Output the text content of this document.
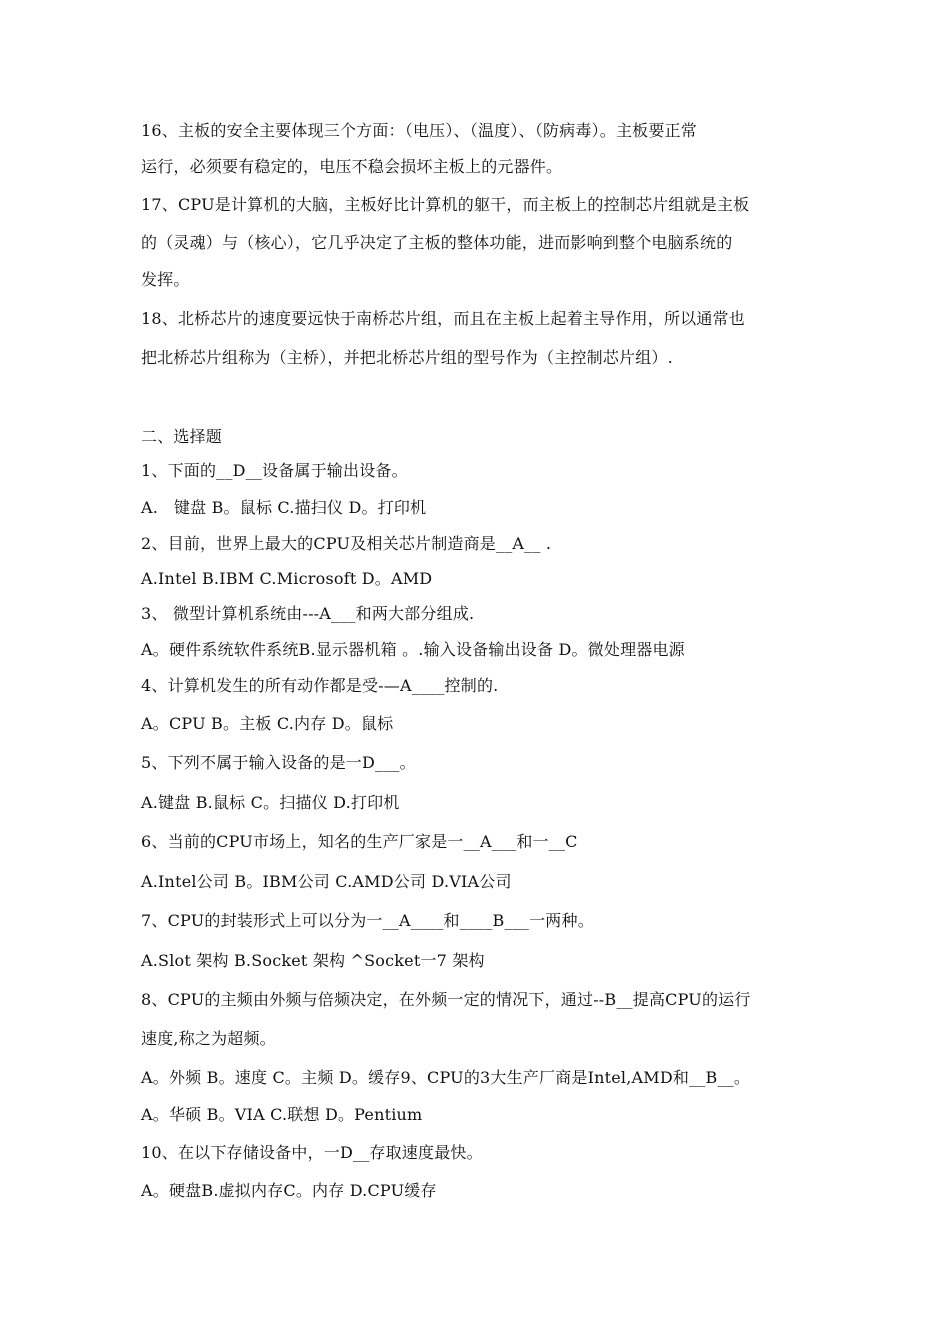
16、主板的安全主要体现三个方面：（电压）、（温度）、（防病毒）。主板要正常
运行，必须要有稳定的，电压不稳会损坏主板上的元器件。
17、CPU是计算机的大脑，主板好比计算机的躯干，而主板上的控制芯片组就是主板
的（灵魂）与（核心），它几乎决定了主板的整体功能，进而影响到整个电脑系统的
发挥。
18、北桥芯片的速度要远快于南桥芯片组，而且在主板上起着主导作用，所以通常也
把北桥芯片组称为（主桥），并把北桥芯片组的型号作为（主控制芯片组）.
二、选择题
1、下面的__D__设备属于输出设备。
A.   键盘 B。鼠标 C.描扫仪 D。打印机
2、目前，世界上最大的CPU及相关芯片制造商是__A__ .
A.Intel B.IBM C.Microsoft D。AMD
3、 微型计算机系统由---A___和两大部分组成.
A。硬件系统软件系统B.显示器机箱 。.输入设备输出设备 D。微处理器电源
4、计算机发生的所有动作都是受-—A____控制的.
A。CPU B。主板 C.内存 D。鼠标
5、下列不属于输入设备的是一D___。
A.键盘 B.鼠标 C。扫描仪 D.打印机
6、当前的CPU市场上，知名的生产厂家是一__A___和一__C
A.Intel公司 B。IBM公司 C.AMD公司 D.VIA公司
7、CPU的封装形式上可以分为一__A____和____B___一两种。
A.Slot 架构 B.Socket 架构 ^Socket一7 架构
8、CPU的主频由外频与倍频决定，在外频一定的情况下，通过--B__提高CPU的运行
速度,称之为超频。
A。外频 B。速度 C。主频 D。缓存9、CPU的3大生产厂商是Intel,AMD和__B__。
A。华硕 B。VIA C.联想 D。Pentium
10、在以下存储设备中，一D__存取速度最快。
A。硬盘B.虚拟内存C。内存 D.CPU缓存
